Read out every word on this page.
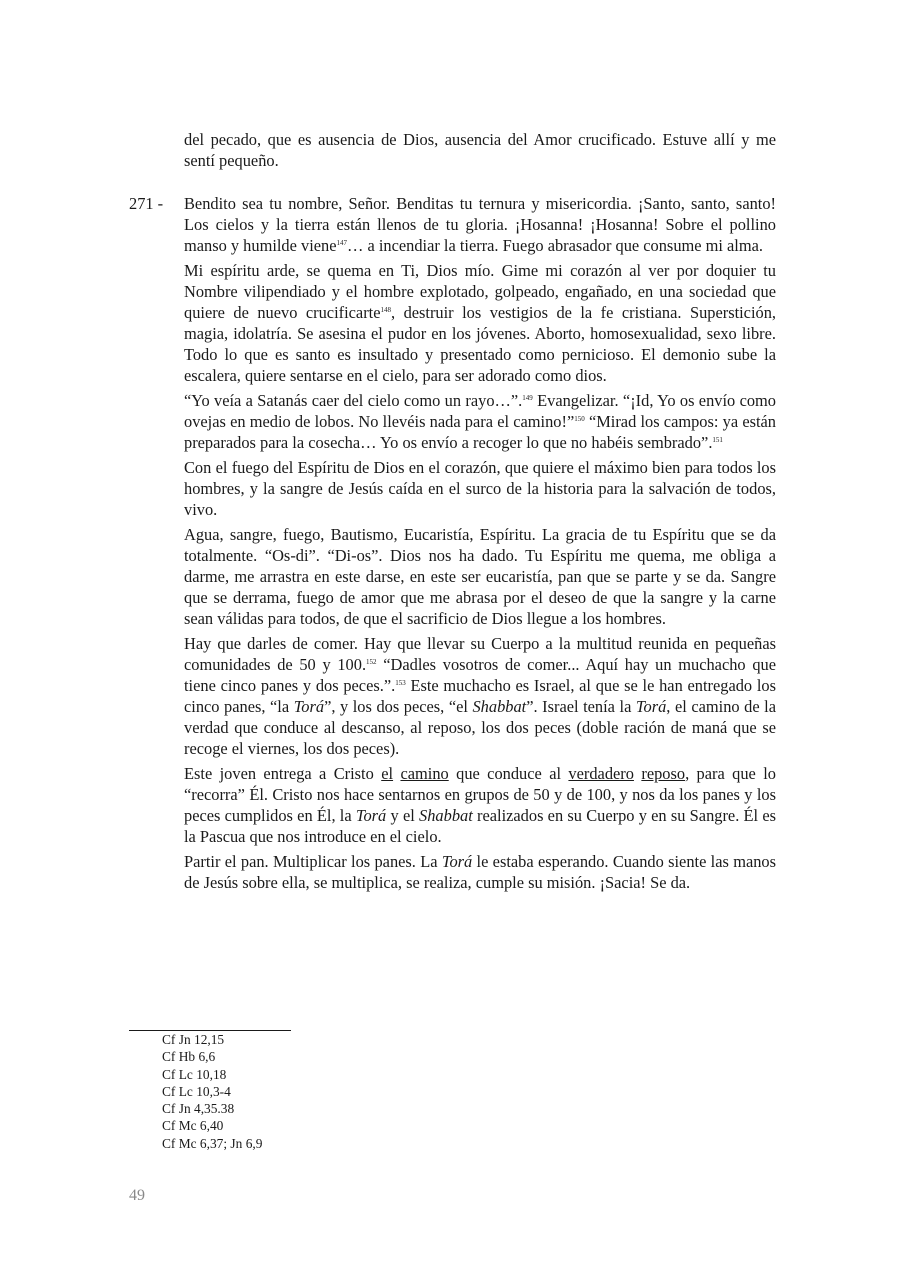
del pecado, que es ausencia de Dios, ausencia del Amor crucificado. Estuve allí y me sentí pequeño.

271 - Bendito sea tu nombre, Señor. Benditas tu ternura y misericordia. ¡Santo, santo, santo! Los cielos y la tierra están llenos de tu gloria. ¡Hosanna! ¡Hosanna! Sobre el pollino manso y humilde viene$^{147}$… a incendiar la tierra. Fuego abrasador que consume mi alma.

Mi espíritu arde, se quema en Ti, Dios mío. Gime mi corazón al ver por doquier tu Nombre vilipendiado y el hombre explotado, golpeado, engañado, en una sociedad que quiere de nuevo crucificarte$^{148}$, destruir los vestigios de la fe cristiana. Superstición, magia, idolatría. Se asesina el pudor en los jóvenes. Aborto, homosexualidad, sexo libre. Todo lo que es santo es insultado y presentado como pernicioso. El demonio sube la escalera, quiere sentarse en el cielo, para ser adorado como dios.

“Yo veía a Satanás caer del cielo como un rayo…”.$^{149}$ Evangelizar. “¡Id, Yo os envío como ovejas en medio de lobos. No llevéis nada para el camino!”$^{150}$ “Mirad los campos: ya están preparados para la cosecha… Yo os envío a recoger lo que no habéis sembrado”.$^{151}$

Con el fuego del Espíritu de Dios en el corazón, que quiere el máximo bien para todos los hombres, y la sangre de Jesús caída en el surco de la historia para la salvación de todos, vivo.

Agua, sangre, fuego, Bautismo, Eucaristía, Espíritu. La gracia de tu Espíritu que se da totalmente. “Os-di”. “Di-os”. Dios nos ha dado. Tu Espíritu me quema, me obliga a darme, me arrastra en este darse, en este ser eucaristía, pan que se parte y se da. Sangre que se derrama, fuego de amor que me abrasa por el deseo de que la sangre y la carne sean válidas para todos, de que el sacrificio de Dios llegue a los hombres.

Hay que darles de comer. Hay que llevar su Cuerpo a la multitud reunida en pequeñas comunidades de 50 y 100.$^{152}$ “Dadles vosotros de comer... Aquí hay un muchacho que tiene cinco panes y dos peces.”.$^{153}$ Este muchacho es Israel, al que se le han entregado los cinco panes, “la Torá”, y los dos peces, “el Shabbat”. Israel tenía la Torá, el camino de la verdad que conduce al descanso, al reposo, los dos peces (doble ración de maná que se recoge el viernes, los dos peces).

Este joven entrega a Cristo el camino que conduce al verdadero reposo, para que lo “recorra” Él. Cristo nos hace sentarnos en grupos de 50 y de 100, y nos da los panes y los peces cumplidos en Él, la Torá y el Shabbat realizados en su Cuerpo y en su Sangre. Él es la Pascua que nos introduce en el cielo.

Partir el pan. Multiplicar los panes. La Torá le estaba esperando. Cuando siente las manos de Jesús sobre ella, se multiplica, se realiza, cumple su misión. ¡Sacia! Se da.

Cf Jn 12,15
Cf Hb 6,6
Cf Lc 10,18
Cf Lc 10,3-4
Cf Jn 4,35.38
Cf Mc 6,40
Cf Mc 6,37; Jn 6,9
49
